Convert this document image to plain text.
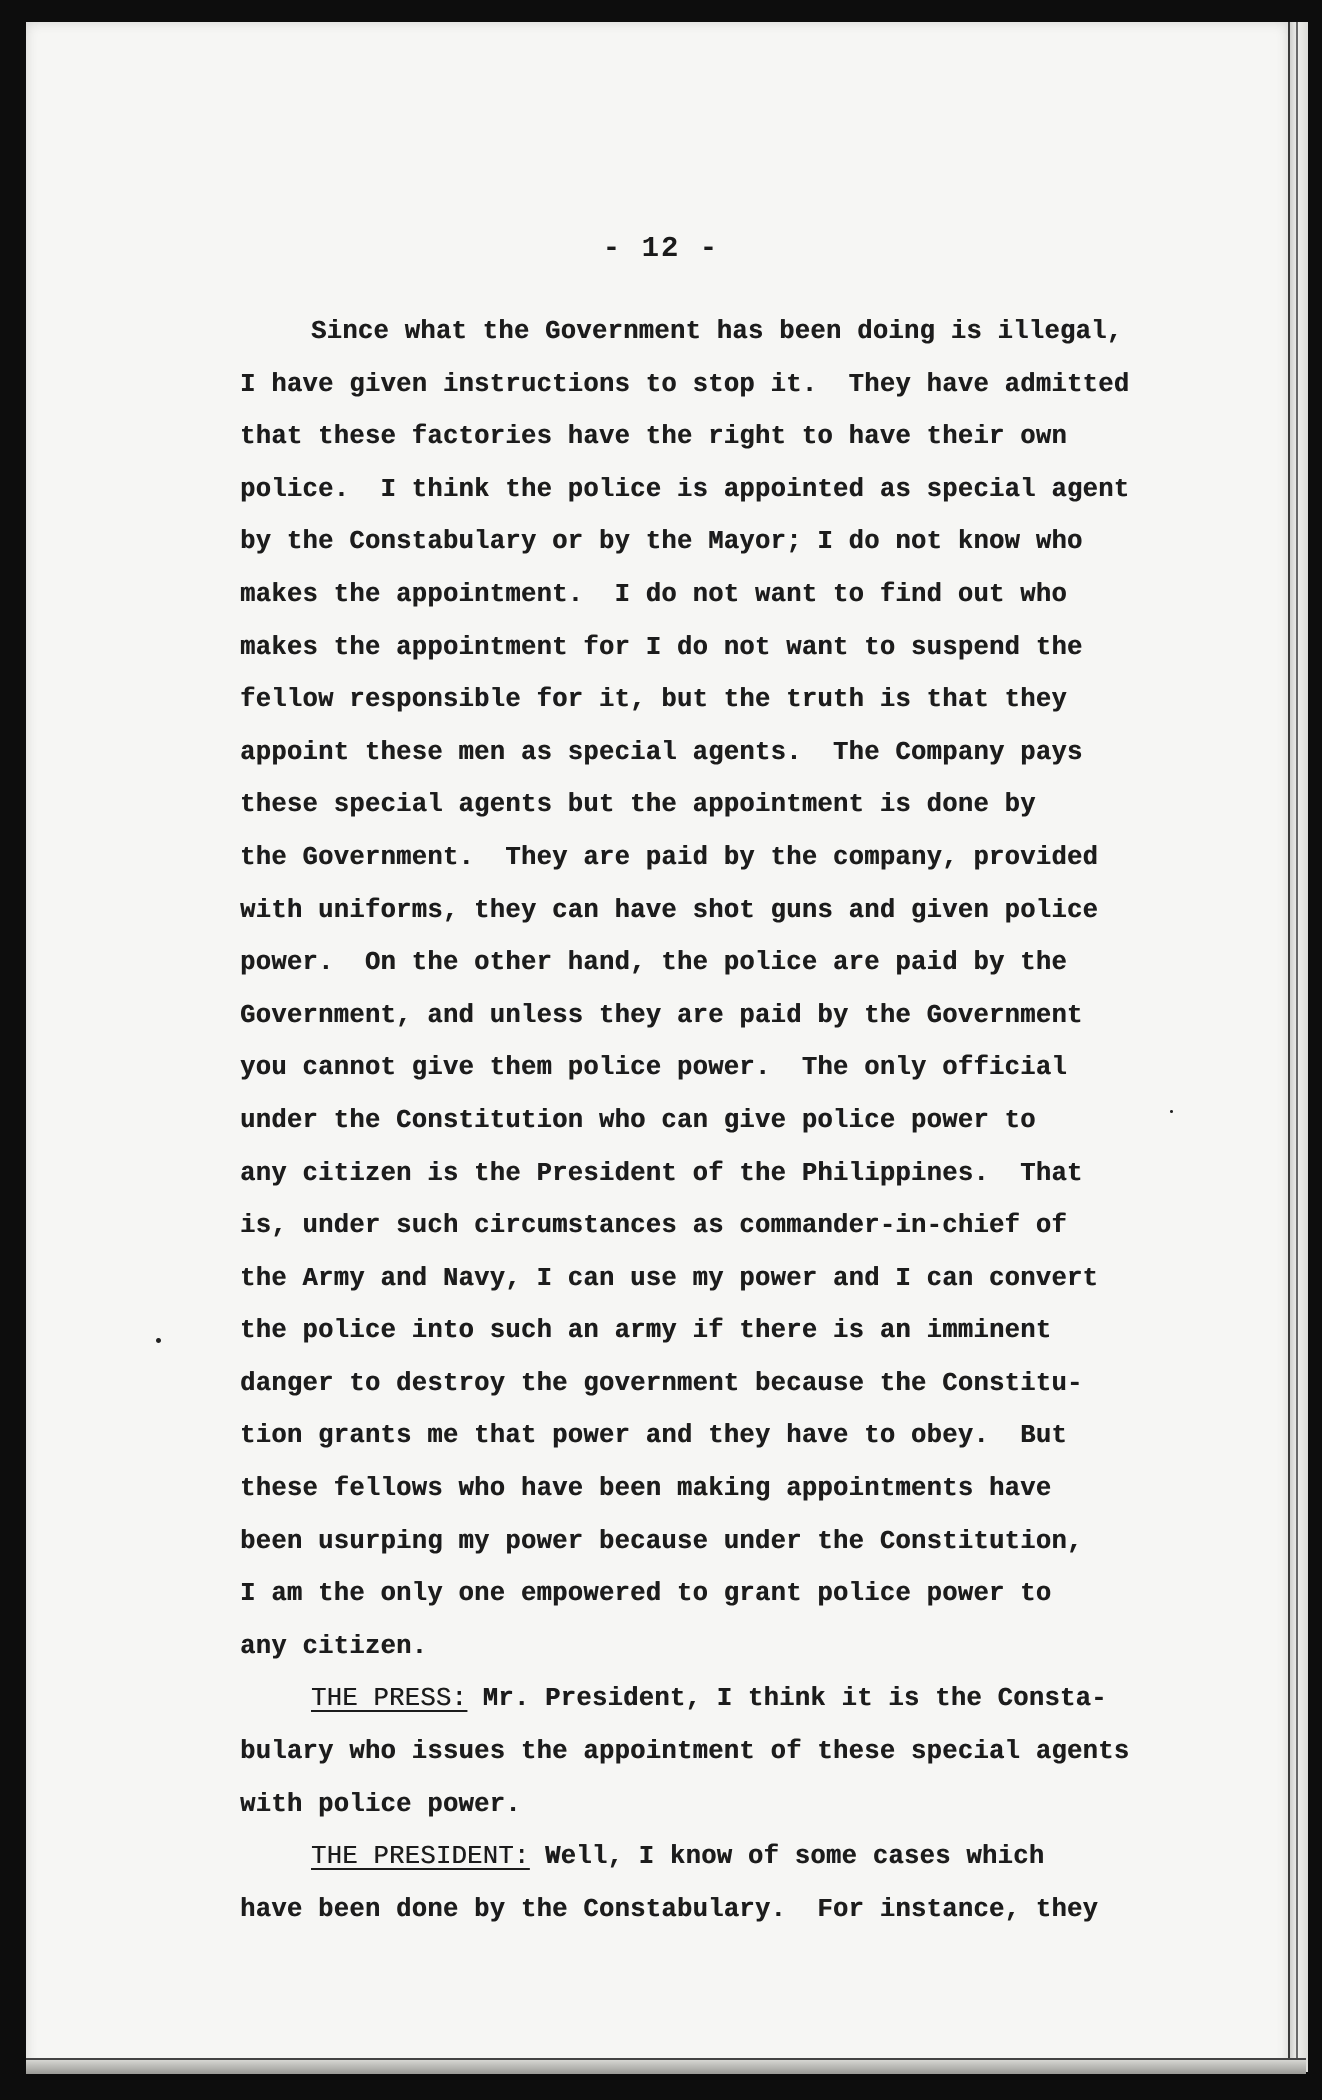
- 12 -
Since what the Government has been doing is illegal,
I have given instructions to stop it.  They have admitted
that these factories have the right to have their own
police.  I think the police is appointed as special agent
by the Constabulary or by the Mayor; I do not know who
makes the appointment.  I do not want to find out who
makes the appointment for I do not want to suspend the
fellow responsible for it, but the truth is that they
appoint these men as special agents.  The Company pays
these special agents but the appointment is done by
the Government.  They are paid by the company, provided
with uniforms, they can have shot guns and given police
power.  On the other hand, the police are paid by the
Government, and unless they are paid by the Government
you cannot give them police power.  The only official
under the Constitution who can give police power to
any citizen is the President of the Philippines.  That
is, under such circumstances as commander-in-chief of
the Army and Navy, I can use my power and I can convert
the police into such an army if there is an imminent
danger to destroy the government because the Constitu-
tion grants me that power and they have to obey.  But
these fellows who have been making appointments have
been usurping my power because under the Constitution,
I am the only one empowered to grant police power to
any citizen.
THE PRESS: Mr. President, I think it is the Consta-
bulary who issues the appointment of these special agents
with police power.
THE PRESIDENT: Well, I know of some cases which
have been done by the Constabulary.  For instance, they
